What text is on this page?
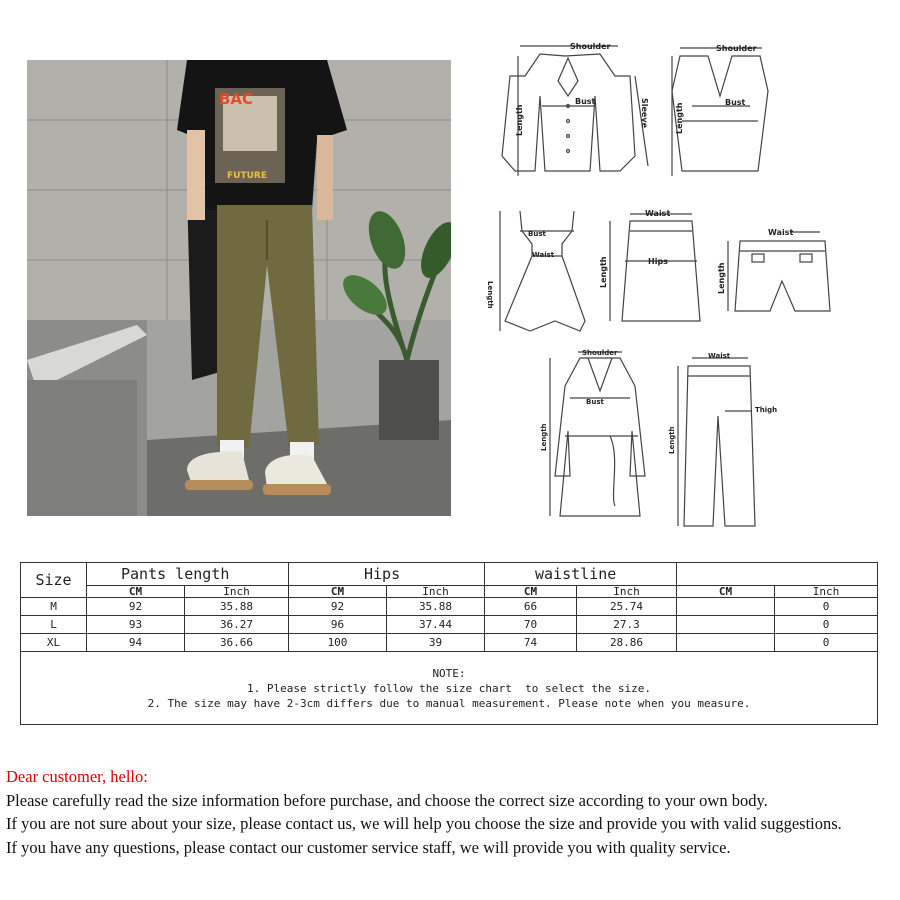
BAC
FUTURE
Shoulder
Bust	Sleeve
Length
Shoulder
Bust
Length
Bust
Waist
Length
Waist
Hips
Length
Waist
Length
Shoulder
Bust
Length
Waist
Thigh
Length
Size	Pants length		Hips		waistline			
	CM	Inch	CM	Inch	CM	Inch	CM	Inch
M	92	35.88	92	35.88	66	25.74		0
L	93	36.27	96	37.44	70	27.3		0
XL	94	36.66	100	39	74	28.86		0

NOTE:
1. Please strictly follow the size chart  to select the size.
2. The size may have 2-3cm differs due to manual measurement. Please note when you measure.								

Dear customer, hello:

Please carefully read the size information before purchase, and choose the correct size according to your own body.

If you are not sure about your size, please contact us, we will help you choose the size and provide you with valid suggestions.

If you have any questions, please contact our customer service staff, we will provide you with quality service.
